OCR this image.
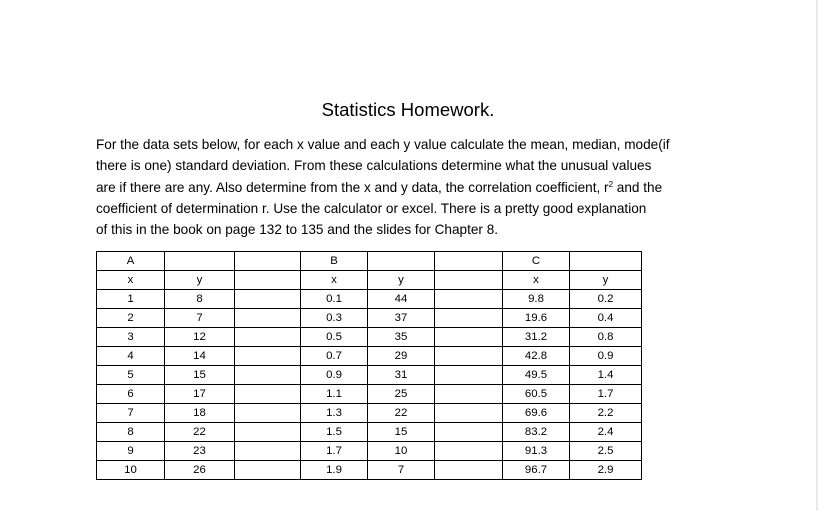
Statistics Homework.

For the data sets below, for each x value and each y value calculate the mean, median, mode(if

there is one) standard deviation. From these calculations determine what the unusual values

are if there are any. Also determine from the x and y data, the correlation coefficient, $r^2$ and the

coefficient of determination r. Use the calculator or excel. There is a pretty good explanation

of this in the book on page 132 to 135 and the slides for Chapter 8.

A			B			C	
x	y		x	y		x	y
1	8		0.1	44		9.8	0.2
2	7		0.3	37		19.6	0.4
3	12		0.5	35		31.2	0.8
4	14		0.7	29		42.8	0.9
5	15		0.9	31		49.5	1.4
6	17		1.1	25		60.5	1.7
7	18		1.3	22		69.6	2.2
8	22		1.5	15		83.2	2.4
9	23		1.7	10		91.3	2.5
10	26		1.9	7		96.7	2.9
